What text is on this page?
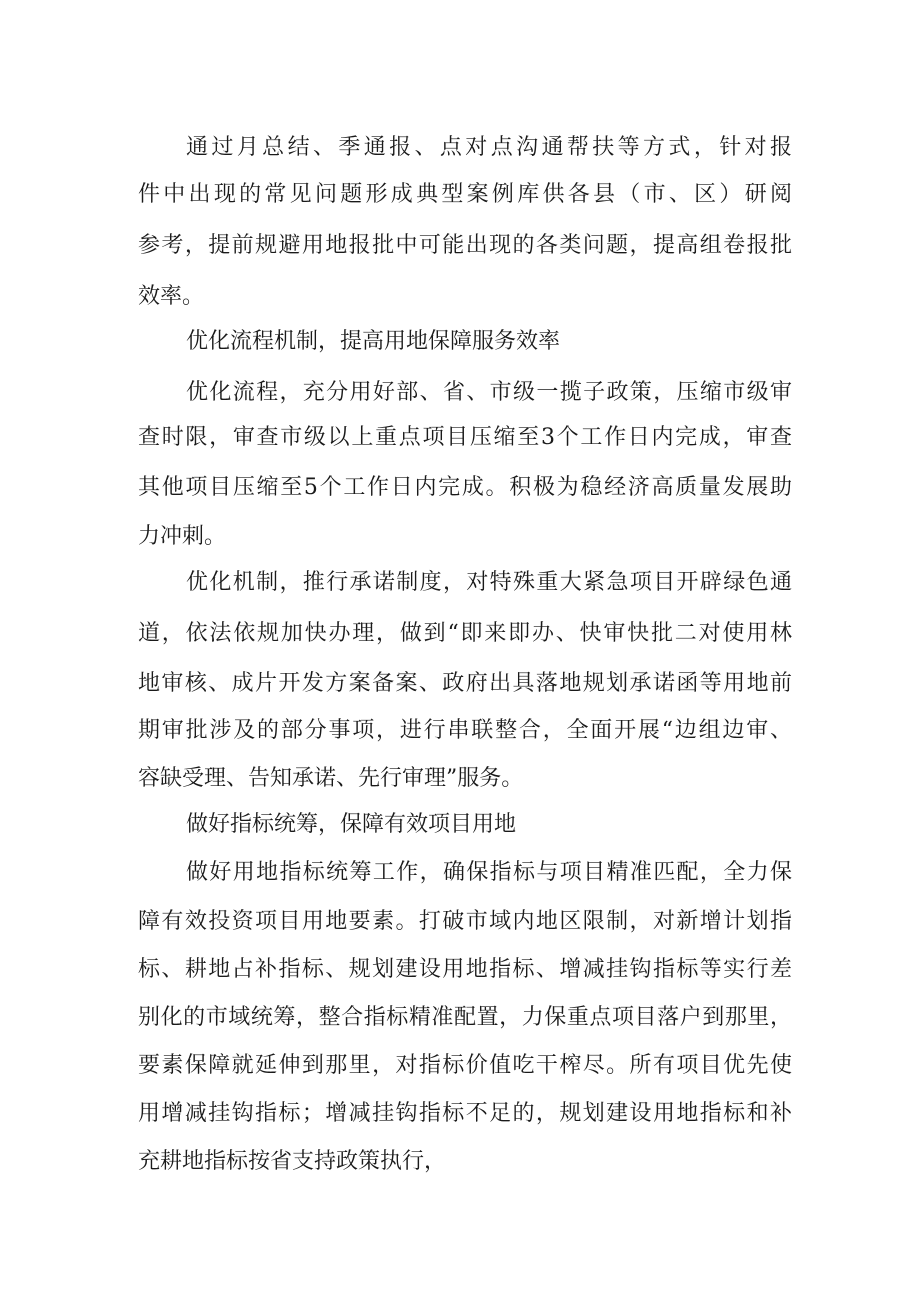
通过月总结、季通报、点对点沟通帮扶等方式，针对报
件中出现的常见问题形成典型案例库供各县（市、区）研阅
参考，提前规避用地报批中可能出现的各类问题，提高组卷报批
效率。
优化流程机制，提高用地保障服务效率
优化流程，充分用好部、省、市级一揽子政策，压缩市级审
查时限，审查市级以上重点项目压缩至3个工作日内完成，审查
其他项目压缩至5个工作日内完成。积极为稳经济高质量发展助
力冲刺。
优化机制，推行承诺制度，对特殊重大紧急项目开辟绿色通
道，依法依规加快办理，做到“即来即办、快审快批二对使用林
地审核、成片开发方案备案、政府出具落地规划承诺函等用地前
期审批涉及的部分事项，进行串联整合，全面开展“边组边审、
容缺受理、告知承诺、先行审理”服务。
做好指标统筹，保障有效项目用地
做好用地指标统筹工作，确保指标与项目精准匹配，全力保
障有效投资项目用地要素。打破市域内地区限制，对新增计划指
标、耕地占补指标、规划建设用地指标、增减挂钩指标等实行差
别化的市域统筹，整合指标精准配置，力保重点项目落户到那里，
要素保障就延伸到那里，对指标价值吃干榨尽。所有项目优先使
用增减挂钩指标；增减挂钩指标不足的，规划建设用地指标和补
充耕地指标按省支持政策执行，
